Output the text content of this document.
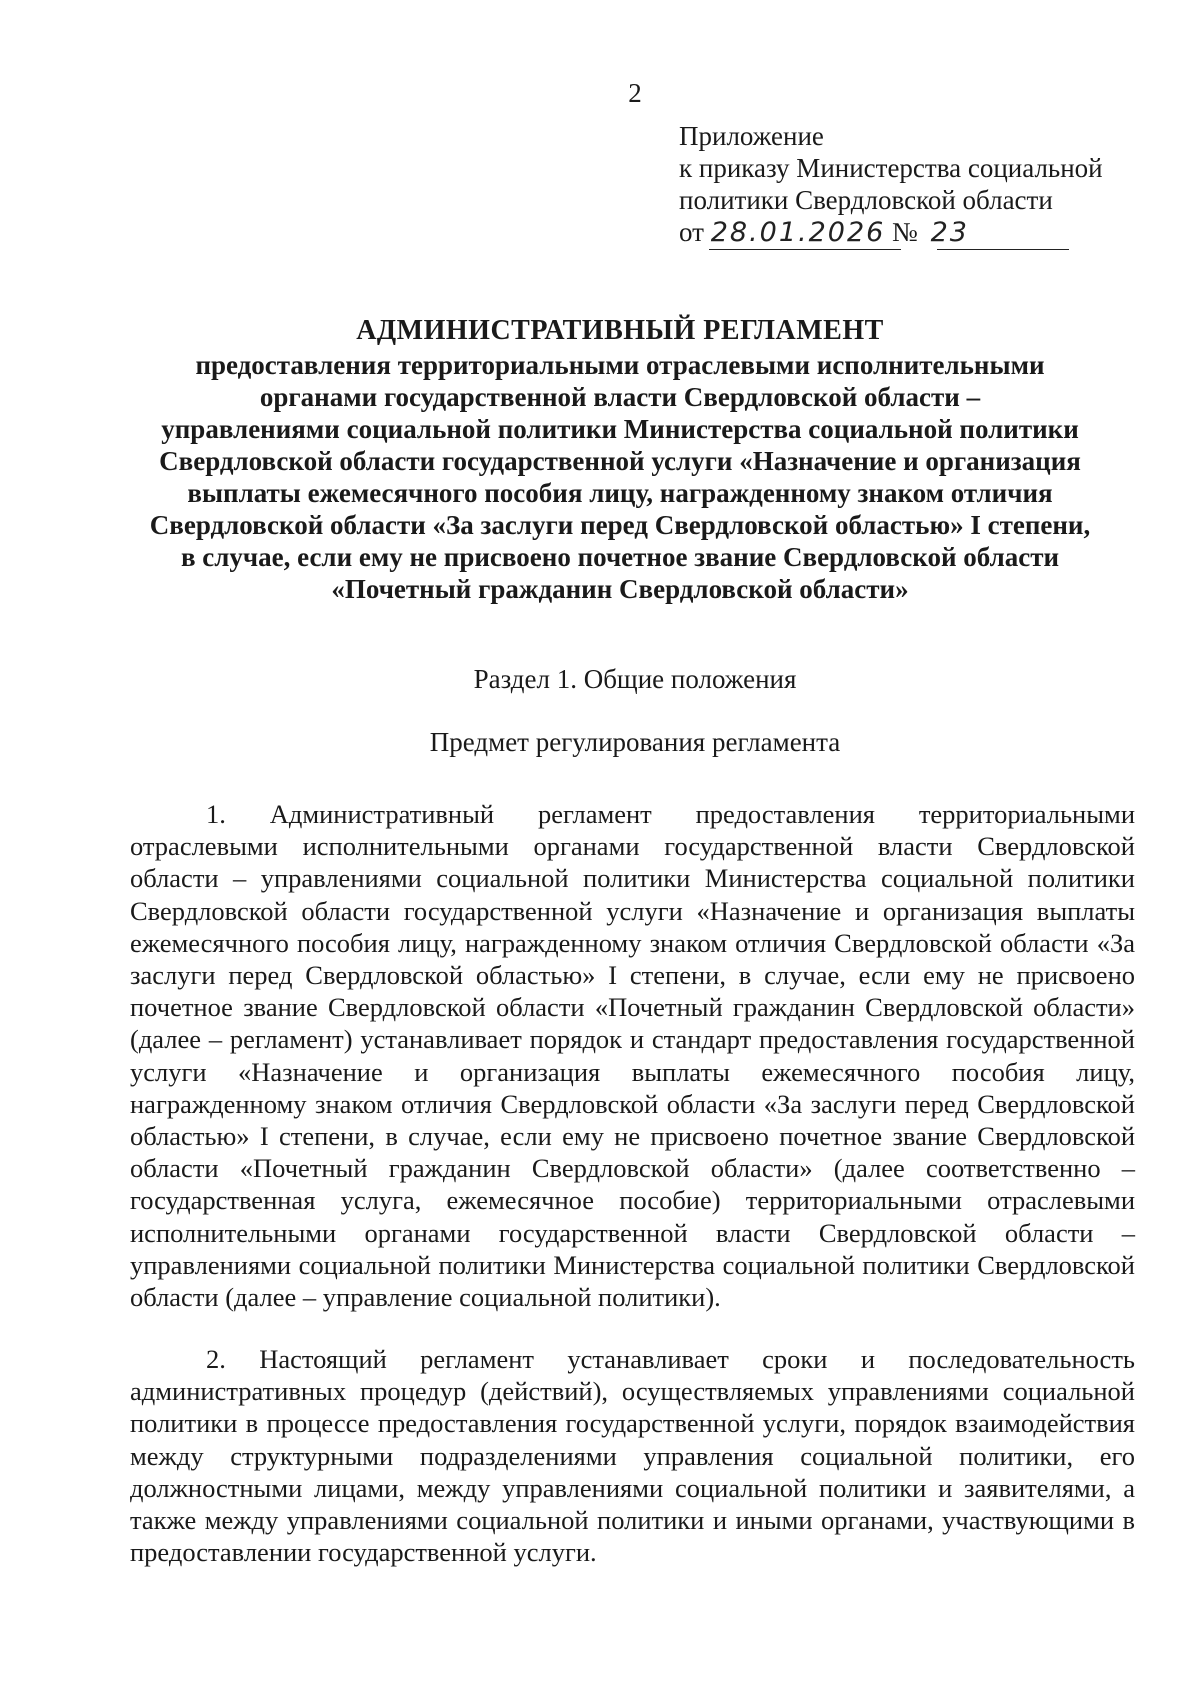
2
Приложение
к приказу Министерства социальной
политики Свердловской области
от 28.01.2026 № 23
АДМИНИСТРАТИВНЫЙ РЕГЛАМЕНТ
предоставления территориальными отраслевыми исполнительными
органами государственной власти Свердловской области –
управлениями социальной политики Министерства социальной политики
Свердловской области государственной услуги «Назначение и организация
выплаты ежемесячного пособия лицу, награжденному знаком отличия
Свердловской области «За заслуги перед Свердловской областью» I степени,
в случае, если ему не присвоено почетное звание Свердловской области
«Почетный гражданин Свердловской области»
Раздел 1. Общие положения
Предмет регулирования регламента

1. Административный регламент предоставления территориальными отраслевыми исполнительными органами государственной власти Свердловской области – управлениями социальной политики Министерства социальной политики Свердловской области государственной услуги «Назначение и организация выплаты ежемесячного пособия лицу, награжденному знаком отличия Свердловской области «За заслуги перед Свердловской областью» I степени, в случае, если ему не присвоено почетное звание Свердловской области «Почетный гражданин Свердловской области» (далее – регламент) устанавливает порядок и стандарт предоставления государственной услуги «Назначение и организация выплаты ежемесячного пособия лицу, награжденному знаком отличия Свердловской области «За заслуги перед Свердловской областью» I степени, в случае, если ему не присвоено почетное звание Свердловской области «Почетный гражданин Свердловской области» (далее соответственно – государственная услуга, ежемесячное пособие) территориальными отраслевыми исполнительными органами государственной власти Свердловской области – управлениями социальной политики Министерства социальной политики Свердловской области (далее – управление социальной политики).

2. Настоящий регламент устанавливает сроки и последовательность административных процедур (действий), осуществляемых управлениями социальной политики в процессе предоставления государственной услуги, порядок взаимодействия между структурными подразделениями управления социальной политики, его должностными лицами, между управлениями социальной политики и заявителями, а также между управлениями социальной политики и иными органами, участвующими в предоставлении государственной услуги.
